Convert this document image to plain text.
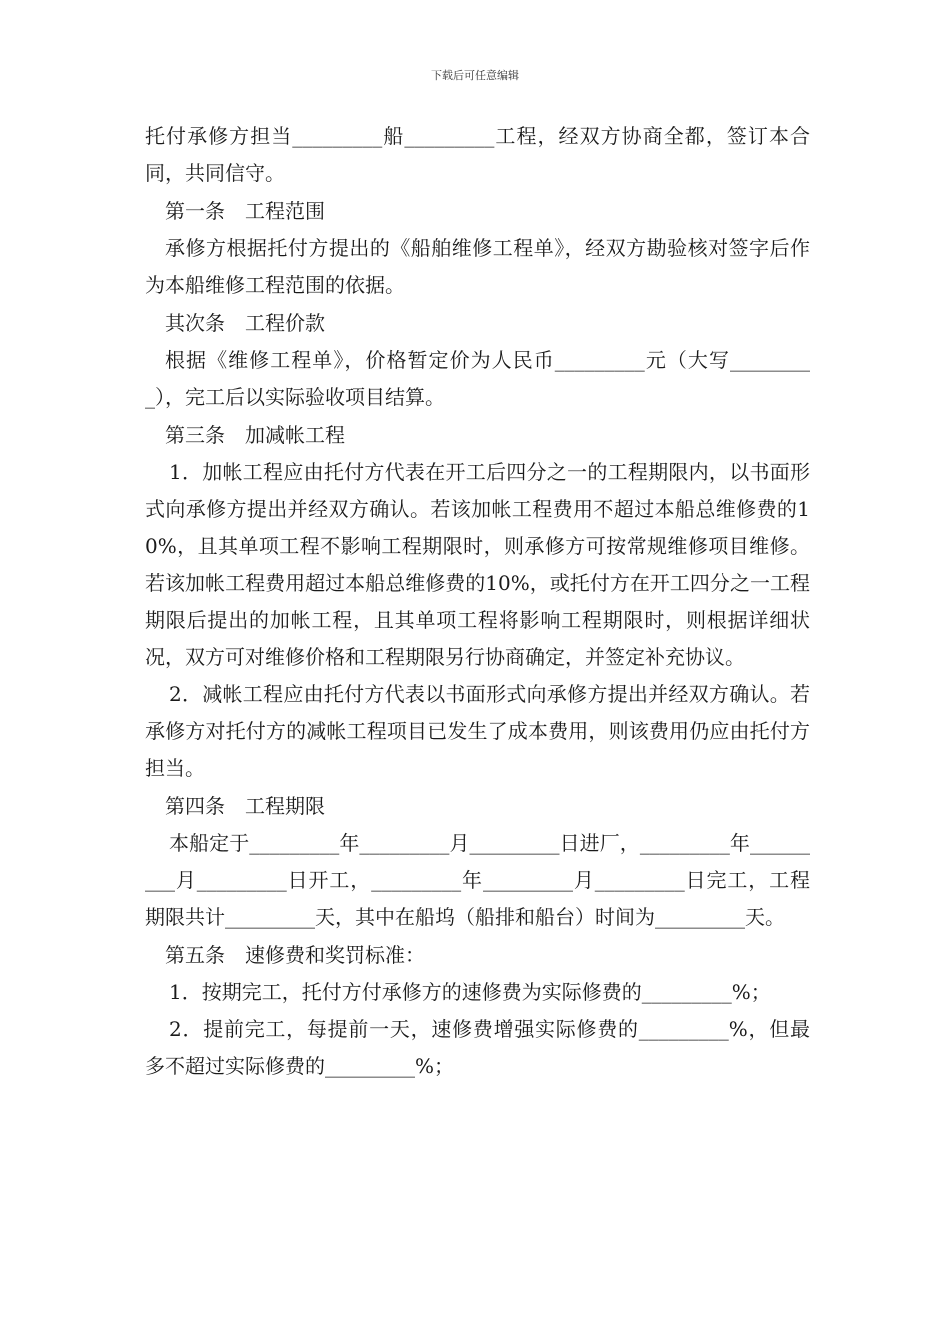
下载后可任意编辑

托付承修方担当_________船_________工程，经双方协商全都，签订本合同，共同信守。

第一条　工程范围

承修方根据托付方提出的《船舶维修工程单》，经双方勘验核对签字后作为本船维修工程范围的依据。

其次条　工程价款

根据《维修工程单》，价格暂定价为人民币_________元（大写_________），完工后以实际验收项目结算。

第三条　加减帐工程

1．加帐工程应由托付方代表在开工后四分之一的工程期限内，以书面形式向承修方提出并经双方确认。若该加帐工程费用不超过本船总维修费的10%，且其单项工程不影响工程期限时，则承修方可按常规维修项目维修。若该加帐工程费用超过本船总维修费的10%，或托付方在开工四分之一工程期限后提出的加帐工程，且其单项工程将影响工程期限时，则根据详细状况，双方可对维修价格和工程期限另行协商确定，并签定补充协议。

2．减帐工程应由托付方代表以书面形式向承修方提出并经双方确认。若承修方对托付方的减帐工程项目已发生了成本费用，则该费用仍应由托付方担当。

第四条　工程期限

本船定于_________年_________月_________日进厂，_________年_________月_________日开工，_________年_________月_________日完工，工程期限共计_________天，其中在船坞（船排和船台）时间为_________天。

第五条　速修费和奖罚标准：

1．按期完工，托付方付承修方的速修费为实际修费的_________%；

2．提前完工，每提前一天，速修费增强实际修费的_________%，但最多不超过实际修费的_________%；
